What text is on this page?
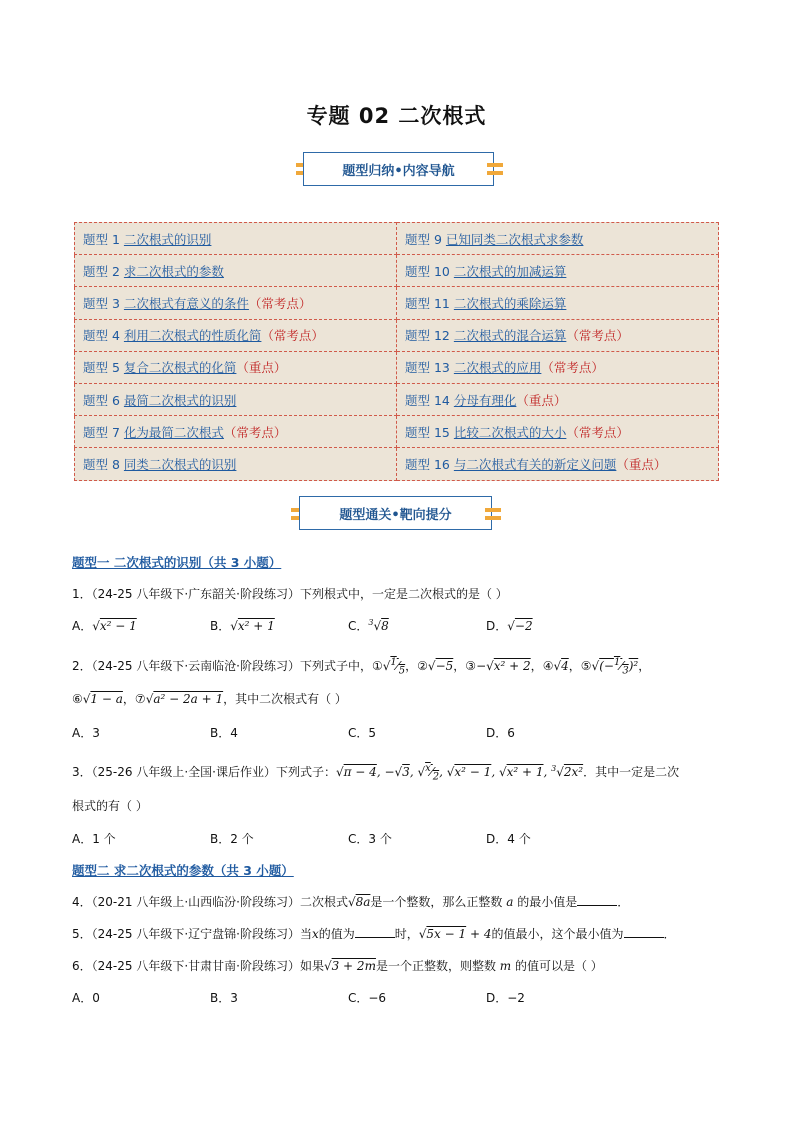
专题 02 二次根式
题型归纳•内容导航
题型 1 二次根式的识别	题型 9 已知同类二次根式求参数
题型 2 求二次根式的参数	题型 10 二次根式的加减运算
题型 3 二次根式有意义的条件（常考点）	题型 11 二次根式的乘除运算
题型 4 利用二次根式的性质化简（常考点）	题型 12 二次根式的混合运算（常考点）
题型 5 复合二次根式的化简（重点）	题型 13 二次根式的应用（常考点）
题型 6 最简二次根式的识别	题型 14 分母有理化（重点）
题型 7 化为最简二次根式（常考点）	题型 15 比较二次根式的大小（常考点）
题型 8 同类二次根式的识别	题型 16 与二次根式有关的新定义问题（重点）
题型通关•靶向提分
题型一 二次根式的识别（共 3 小题）
1．（24-25 八年级下·广东韶关·阶段练习）下列根式中，一定是二次根式的是（ ）
A．√x² − 1	B．√x² + 1	C．$^3$√8	D．√−2
2．（24-25 八年级下·云南临沧·阶段练习）下列式子中，$①√^1⁄_5$，②√−5，③−√x² + 2，④√4，$⑤√(-^1⁄_3)^2$，
⑥√1 − a，⑦√a² − 2a + 1，其中二次根式有（ ）
A．3	B．4	C．5	D．6
3．（25-26 八年级上·全国·课后作业）下列式子：√π − 4, −√3, $√^x⁄_2$, √x² − 1, √x² + 1, $^3$√2x²．其中一定是二次
根式的有（ ）
A．1 个	B．2 个	C．3 个	D．4 个
题型二 求二次根式的参数（共 3 小题）
4．（20-21 八年级上·山西临汾·阶段练习）二次根式√8a是一个整数，那么正整数 a 的最小值是	．
5．（24-25 八年级下·辽宁盘锦·阶段练习）当x的值为	时，√5x − 1 + 4的值最小，这个最小值为	．
6．（24-25 八年级下·甘肃甘南·阶段练习）如果√3 + 2m是一个正整数，则整数 m 的值可以是（ ）
A．0	B．3	C．−6	D．−2
